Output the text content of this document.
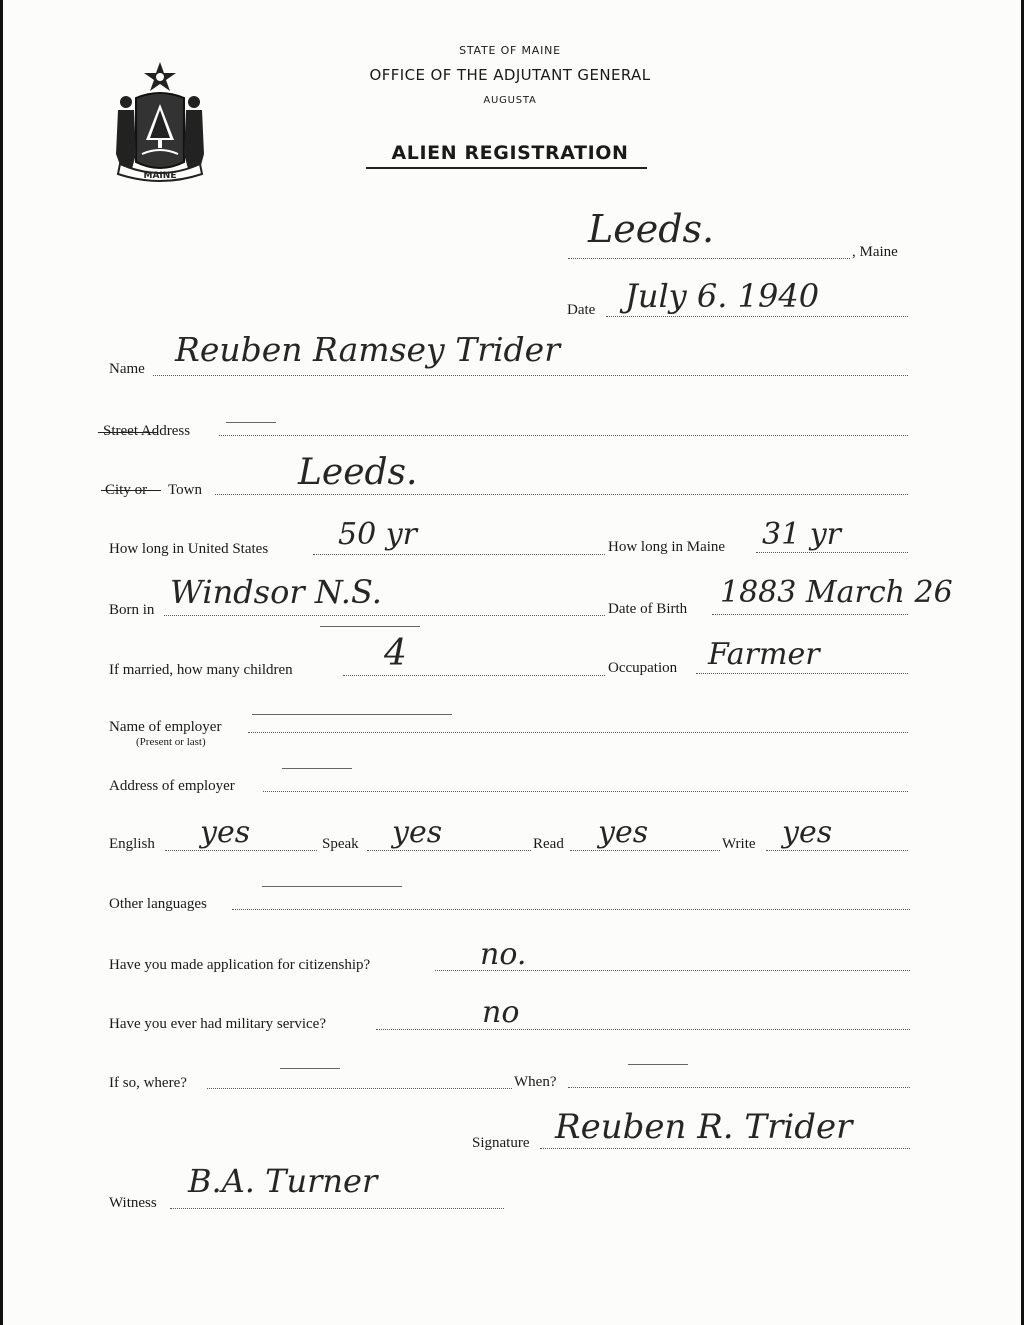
MAINE
STATE OF MAINE
OFFICE OF THE ADJUTANT GENERAL
AUGUSTA
ALIEN REGISTRATION
Leeds.
, Maine
Date July 6. 1940
Name Reuben Ramsey Trider
Street Address
City or Town	Leeds.
How long in United States 50 yr	How long in Maine 31 yr
Born in Windsor N.S.	Date of Birth 1883 March 26
If married, how many children	4	Occupation Farmer
Name of employer
(Present or last)
Address of employer
English yes	Speak yes	Read yes	Write yes
Other languages
Have you made application for citizenship?	no.
Have you ever had military service?	no
If so, where?	When?
Signature Reuben R. Trider
Witness
B.A. Turner
